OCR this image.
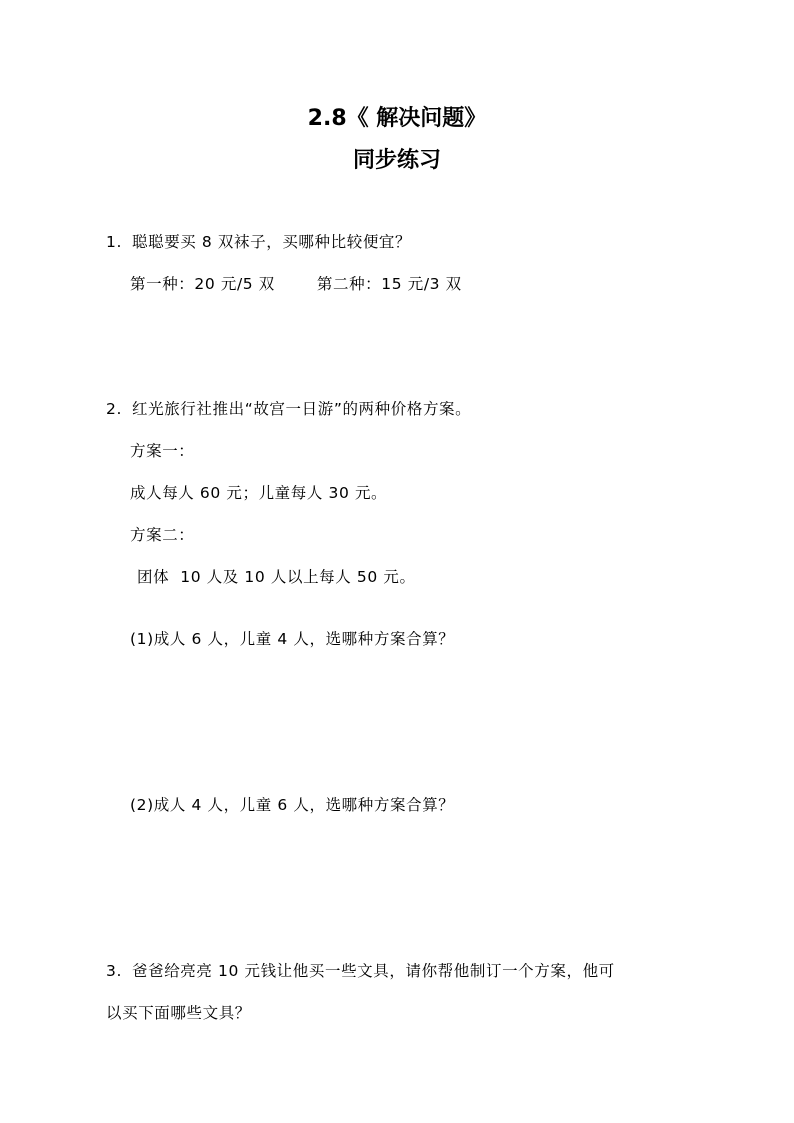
2.8《 解决问题》
同步练习
1. 聪聪要买 8 双袜子，买哪种比较便宜？
第一种：20 元/5 双	第二种：15 元/3 双
2. 红光旅行社推出“故宫一日游”的两种价格方案。
方案一：
成人每人 60 元；儿童每人 30 元。
方案二：
团体  10 人及 10 人以上每人 50 元。
(1)成人 6 人，儿童 4 人，选哪种方案合算？
(2)成人 4 人，儿童 6 人，选哪种方案合算？
3. 爸爸给亮亮 10 元钱让他买一些文具，请你帮他制订一个方案，他可
以买下面哪些文具？
